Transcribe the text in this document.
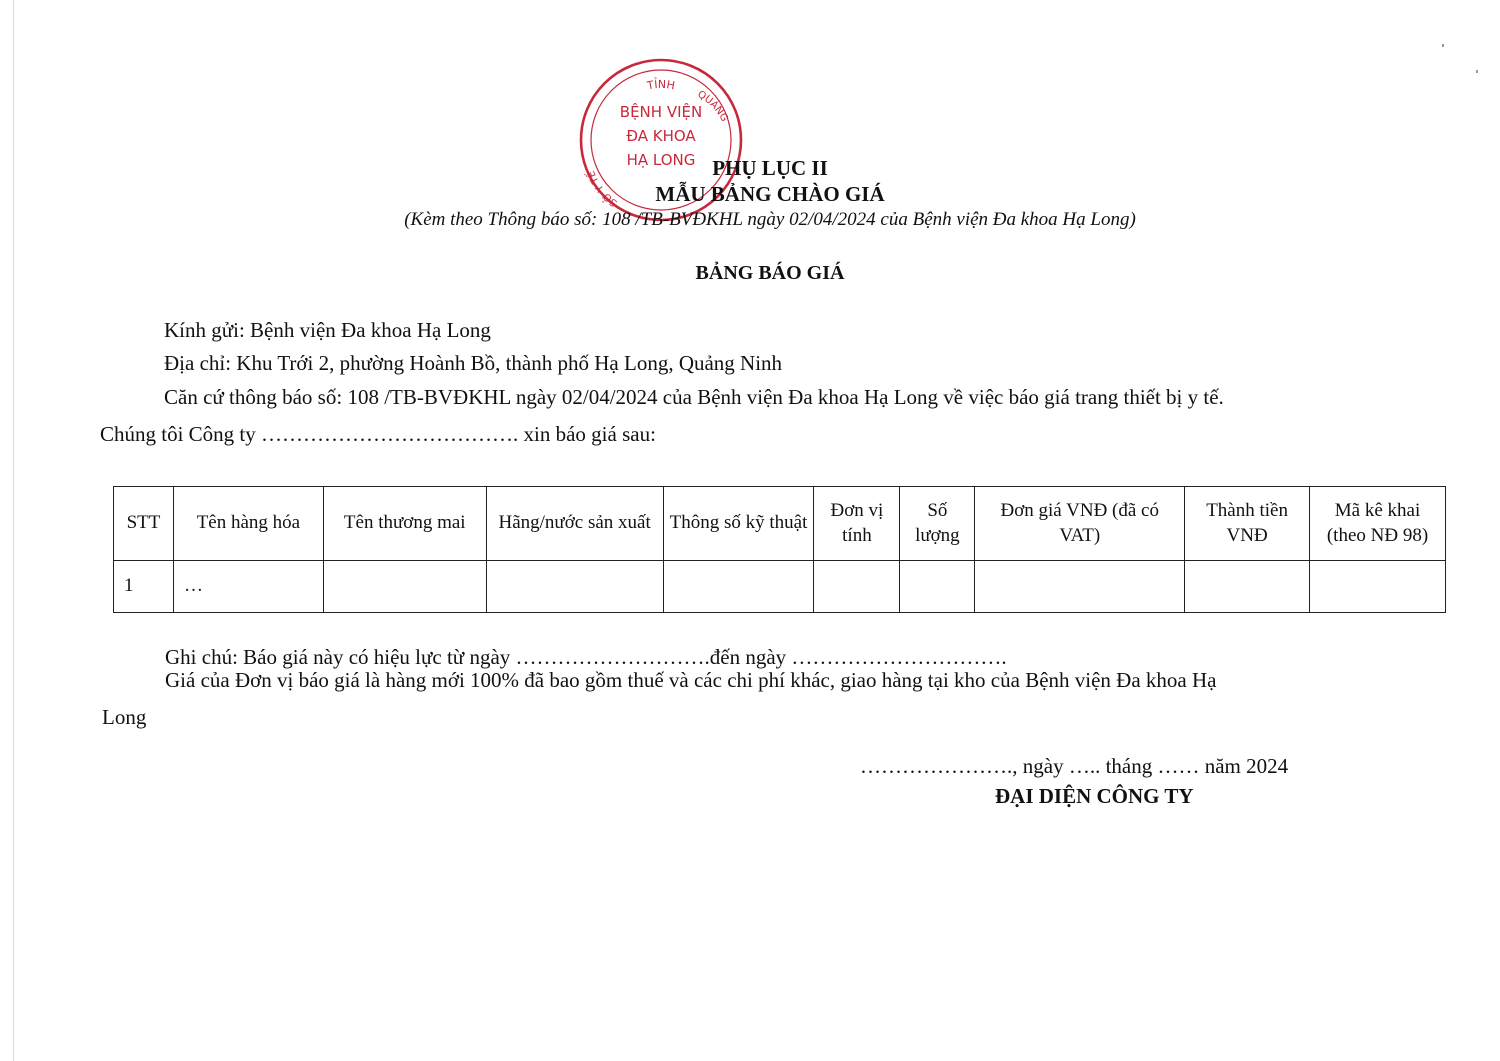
TỈNH
QUẢNG
SỞ Y TẾ
BỆNH VIỆN
ĐA KHOA
HẠ LONG PHỤ LỤC II
MẪU BẢNG CHÀO GIÁ
(Kèm theo Thông báo số: 108 /TB-BVĐKHL ngày 02/04/2024 của Bệnh viện Đa khoa Hạ Long)
BẢNG BÁO GIÁ
Kính gửi: Bệnh viện Đa khoa Hạ Long
Địa chỉ: Khu Trới 2, phường Hoành Bồ, thành phố Hạ Long, Quảng Ninh
Căn cứ thông báo số: 108 /TB-BVĐKHL ngày 02/04/2024 của Bệnh viện Đa khoa Hạ Long về việc báo giá trang thiết bị y tế.
Chúng tôi Công ty ………………………………. xin báo giá sau:
STT	Tên hàng hóa	Tên thương mai	Hãng/nước sản xuất	Thông số kỹ thuật	Đơn vị tính	Số lượng	Đơn giá VNĐ (đã có VAT)	Thành tiền VNĐ	Mã kê khai (theo NĐ 98)
1	…								
Ghi chú: Báo giá này có hiệu lực từ ngày ……………………….đến ngày ………………………….
Giá của Đơn vị báo giá là hàng mới 100% đã bao gồm thuế và các chi phí khác, giao hàng tại kho của Bệnh viện Đa khoa Hạ
Long
…………………., ngày ….. tháng …… năm 2024
ĐẠI DIỆN CÔNG TY
